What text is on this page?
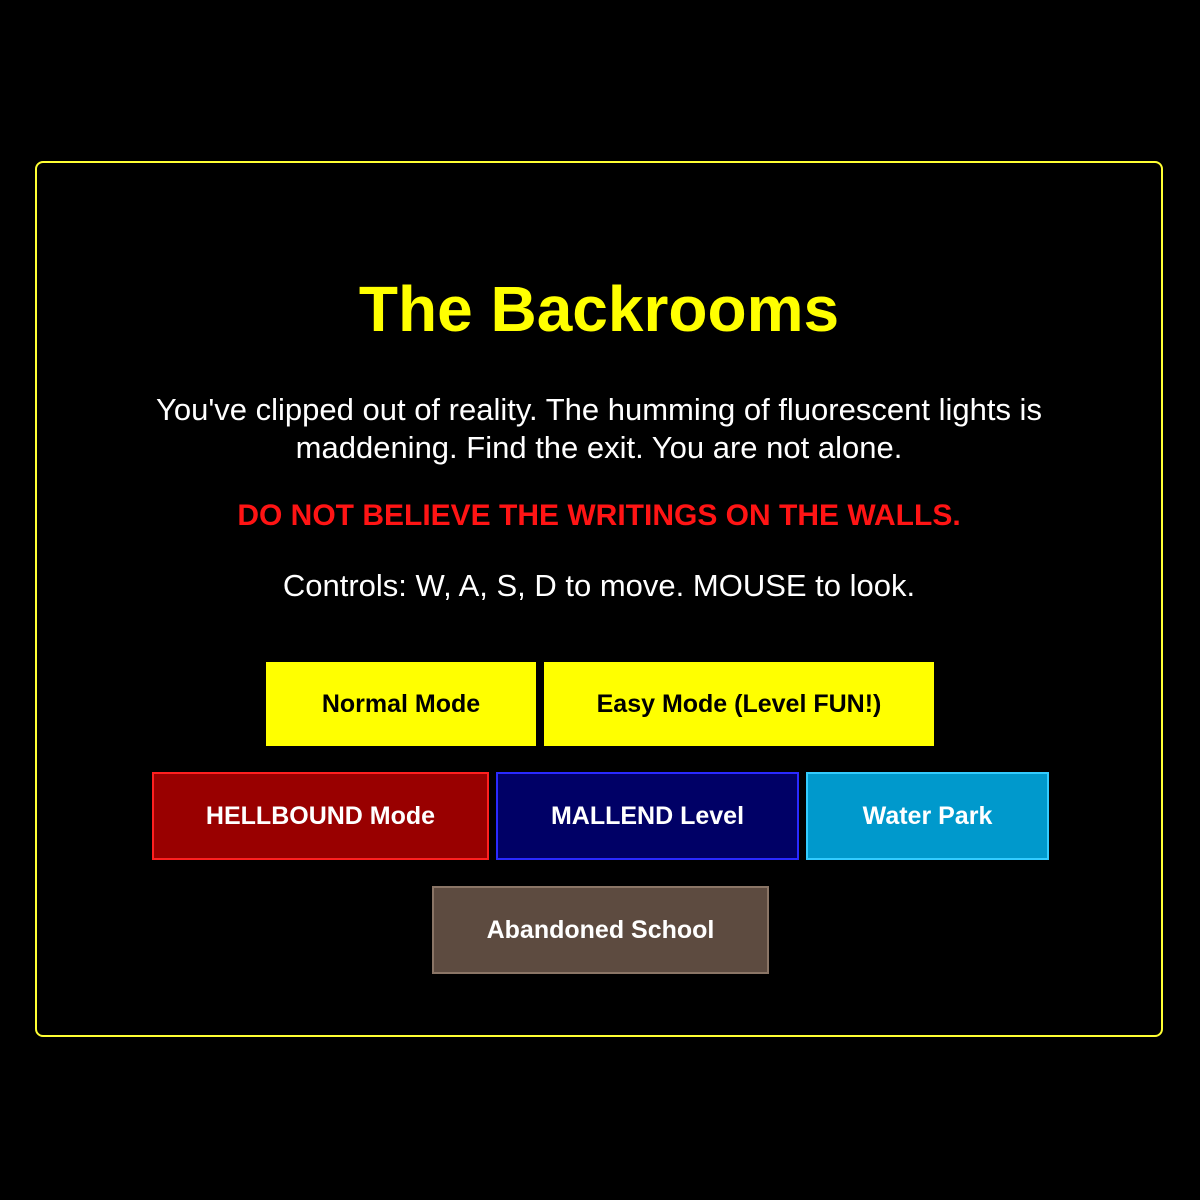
The Backrooms

You've clipped out of reality. The humming of fluorescent lights is maddening. Find the exit. You are not alone.

DO NOT BELIEVE THE WRITINGS ON THE WALLS.

Controls: W, A, S, D to move. MOUSE to look.

Normal Mode	Easy Mode (Level FUN!)
HELLBOUND Mode	MALLEND Level	Water Park
Abandoned School
